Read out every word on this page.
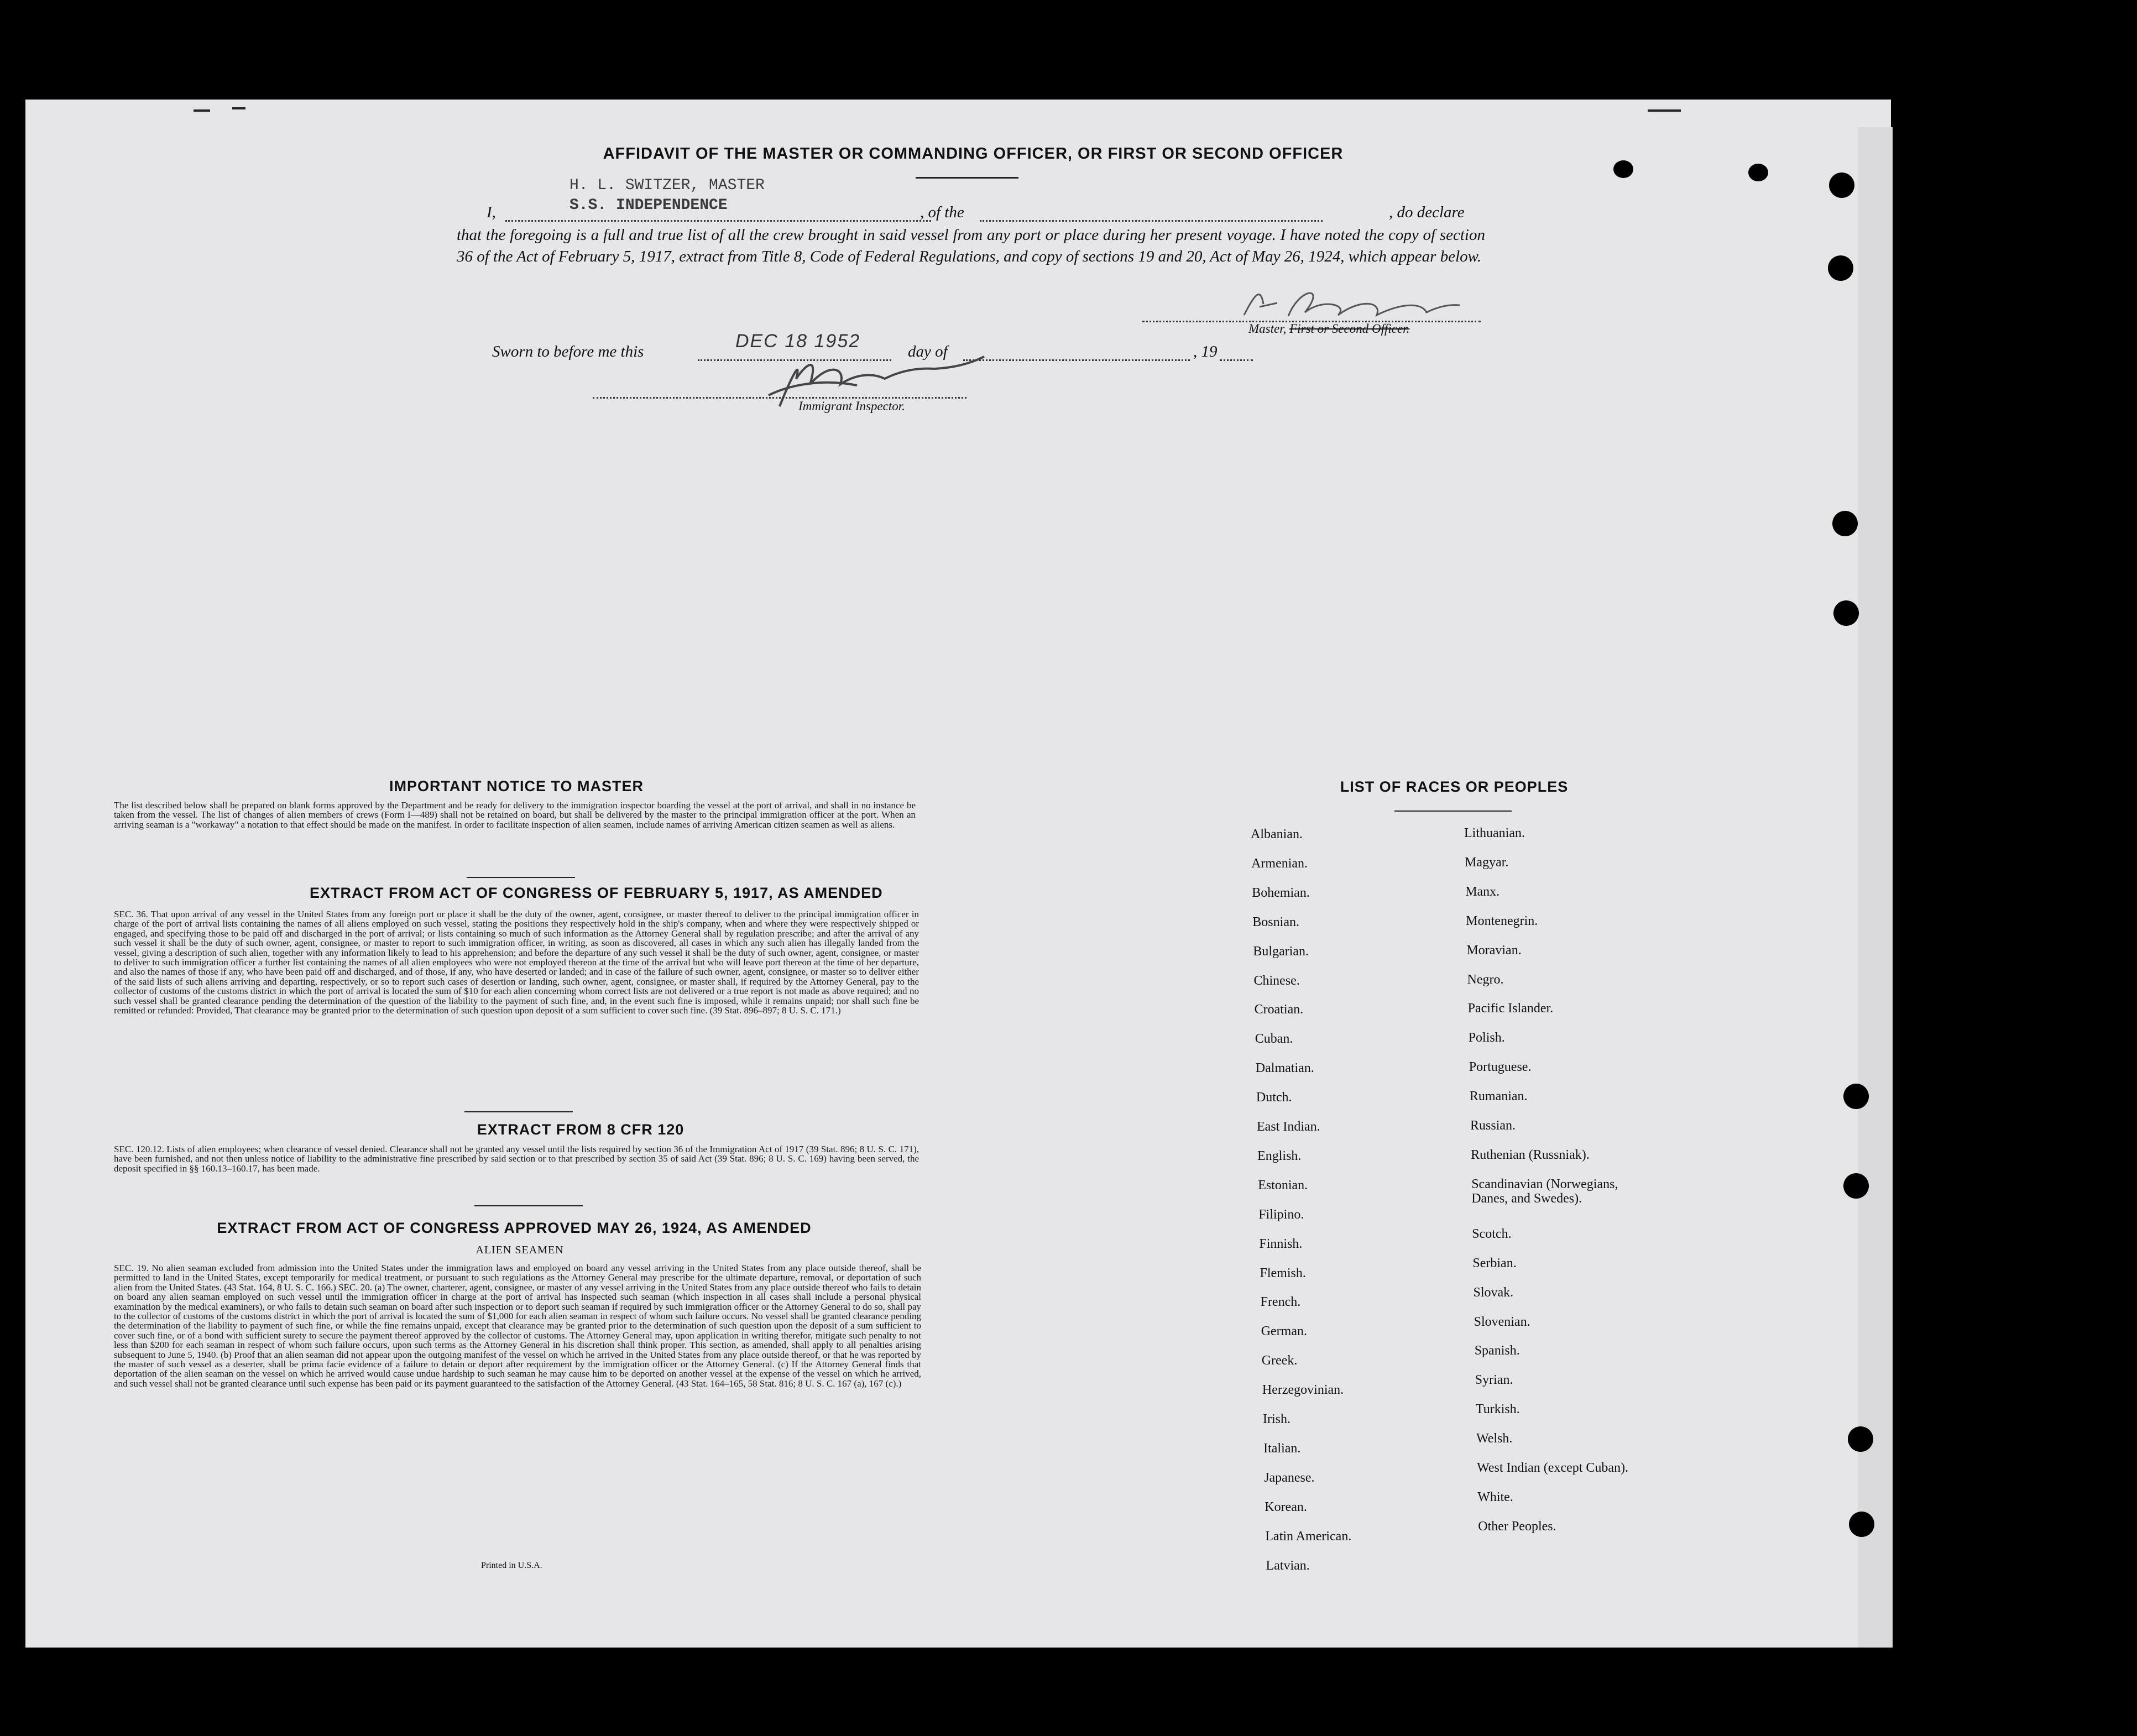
AFFIDAVIT OF THE MASTER OR COMMANDING OFFICER, OR FIRST OR SECOND OFFICER
H. L. SWITZER, MASTER
S.S. INDEPENDENCE
I,	, of the	, do declare
that the foregoing is a full and true list of all the crew brought in said vessel from any port or place during her present voyage. I have noted the copy of section 36 of the Act of February 5, 1917, extract from Title 8, Code of Federal Regulations, and copy of sections 19 and 20, Act of May 26, 1924, which appear below.
Master, First or Second Officer.
Sworn to before me this	DEC 18 1952	day of	, 19
Immigrant Inspector.
IMPORTANT NOTICE TO MASTER
The list described below shall be prepared on blank forms approved by the Department and be ready for delivery to the immigration inspector boarding the vessel at the port of arrival, and shall in no instance be taken from the vessel. The list of changes of alien members of crews (Form I—489) shall not be retained on board, but shall be delivered by the master to the principal immigration officer at the port. When an arriving seaman is a "workaway" a notation to that effect should be made on the manifest. In order to facilitate inspection of alien seamen, include names of arriving American citizen seamen as well as aliens.
EXTRACT FROM ACT OF CONGRESS OF FEBRUARY 5, 1917, AS AMENDED
SEC. 36. That upon arrival of any vessel in the United States from any foreign port or place it shall be the duty of the owner, agent, consignee, or master thereof to deliver to the principal immigration officer in charge of the port of arrival lists containing the names of all aliens employed on such vessel, stating the positions they respectively hold in the ship's company, when and where they were respectively shipped or engaged, and specifying those to be paid off and discharged in the port of arrival; or lists containing so much of such information as the Attorney General shall by regulation prescribe; and after the arrival of any such vessel it shall be the duty of such owner, agent, consignee, or master to report to such immigration officer, in writing, as soon as discovered, all cases in which any such alien has illegally landed from the vessel, giving a description of such alien, together with any information likely to lead to his apprehension; and before the departure of any such vessel it shall be the duty of such owner, agent, consignee, or master to deliver to such immigration officer a further list containing the names of all alien employees who were not employed thereon at the time of the arrival but who will leave port thereon at the time of her departure, and also the names of those if any, who have been paid off and discharged, and of those, if any, who have deserted or landed; and in case of the failure of such owner, agent, consignee, or master so to deliver either of the said lists of such aliens arriving and departing, respectively, or so to report such cases of desertion or landing, such owner, agent, consignee, or master shall, if required by the Attorney General, pay to the collector of customs of the customs district in which the port of arrival is located the sum of $10 for each alien concerning whom correct lists are not delivered or a true report is not made as above required; and no such vessel shall be granted clearance pending the determination of the question of the liability to the payment of such fine, and, in the event such fine is imposed, while it remains unpaid; nor shall such fine be remitted or refunded: Provided, That clearance may be granted prior to the determination of such question upon deposit of a sum sufficient to cover such fine. (39 Stat. 896–897; 8 U. S. C. 171.)
EXTRACT FROM 8 CFR 120
SEC. 120.12. Lists of alien employees; when clearance of vessel denied. Clearance shall not be granted any vessel until the lists required by section 36 of the Immigration Act of 1917 (39 Stat. 896; 8 U. S. C. 171), have been furnished, and not then unless notice of liability to the administrative fine prescribed by said section or to that prescribed by section 35 of said Act (39 Stat. 896; 8 U. S. C. 169) having been served, the deposit specified in §§ 160.13–160.17, has been made.
EXTRACT FROM ACT OF CONGRESS APPROVED MAY 26, 1924, AS AMENDED
ALIEN SEAMEN
SEC. 19. No alien seaman excluded from admission into the United States under the immigration laws and employed on board any vessel arriving in the United States from any place outside thereof, shall be permitted to land in the United States, except temporarily for medical treatment, or pursuant to such regulations as the Attorney General may prescribe for the ultimate departure, removal, or deportation of such alien from the United States. (43 Stat. 164, 8 U. S. C. 166.) SEC. 20. (a) The owner, charterer, agent, consignee, or master of any vessel arriving in the United States from any place outside thereof who fails to detain on board any alien seaman employed on such vessel until the immigration officer in charge at the port of arrival has inspected such seaman (which inspection in all cases shall include a personal physical examination by the medical examiners), or who fails to detain such seaman on board after such inspection or to deport such seaman if required by such immigration officer or the Attorney General to do so, shall pay to the collector of customs of the customs district in which the port of arrival is located the sum of $1,000 for each alien seaman in respect of whom such failure occurs. No vessel shall be granted clearance pending the determination of the liability to payment of such fine, or while the fine remains unpaid, except that clearance may be granted prior to the determination of such question upon the deposit of a sum sufficient to cover such fine, or of a bond with sufficient surety to secure the payment thereof approved by the collector of customs. The Attorney General may, upon application in writing therefor, mitigate such penalty to not less than $200 for each seaman in respect of whom such failure occurs, upon such terms as the Attorney General in his discretion shall think proper. This section, as amended, shall apply to all penalties arising subsequent to June 5, 1940. (b) Proof that an alien seaman did not appear upon the outgoing manifest of the vessel on which he arrived in the United States from any place outside thereof, or that he was reported by the master of such vessel as a deserter, shall be prima facie evidence of a failure to detain or deport after requirement by the immigration officer or the Attorney General. (c) If the Attorney General finds that deportation of the alien seaman on the vessel on which he arrived would cause undue hardship to such seaman he may cause him to be deported on another vessel at the expense of the vessel on which he arrived, and such vessel shall not be granted clearance until such expense has been paid or its payment guaranteed to the satisfaction of the Attorney General. (43 Stat. 164–165, 58 Stat. 816; 8 U. S. C. 167 (a), 167 (c).)
Printed in U.S.A.
LIST OF RACES OR PEOPLES
Albanian.
Armenian.
Bohemian.
Bosnian.
Bulgarian.
Chinese.
Croatian.
Cuban.
Dalmatian.
Dutch.
East Indian.
English.
Estonian.
Filipino.
Finnish.
Flemish.
French.
German.
Greek.
Herzegovinian.
Irish.
Italian.
Japanese.
Korean.
Latin American.
Latvian.
Lithuanian.
Magyar.
Manx.
Montenegrin.
Moravian.
Negro.
Pacific Islander.
Polish.
Portuguese.
Rumanian.
Russian.
Ruthenian (Russniak).
Scandinavian (Norwegians, Danes, and Swedes).
Scotch.
Serbian.
Slovak.
Slovenian.
Spanish.
Syrian.
Turkish.
Welsh.
West Indian (except Cuban).
White.
Other Peoples.
